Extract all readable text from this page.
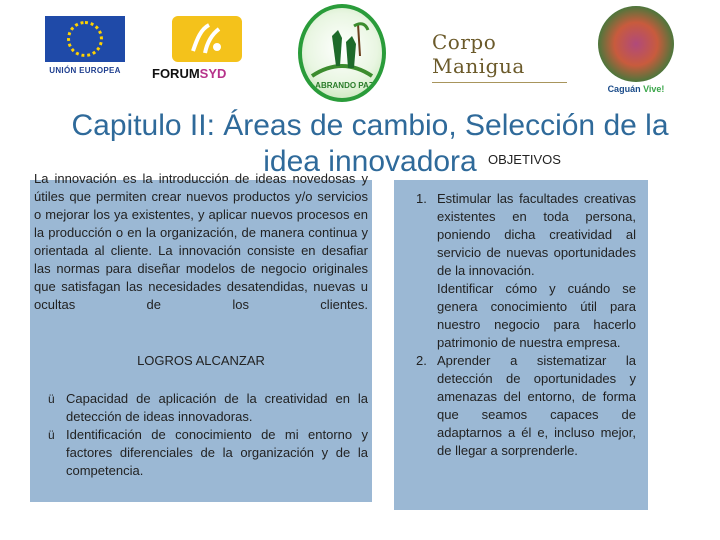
UNIÓN EUROPEA	FORUMSYD
LABRANDO PAZ
Corpo Manigua
Caguán Vive!
Capitulo II: Áreas de cambio, Selección de la idea innovadora

La innovación es la introducción de ideas novedosas y útiles que permiten crear nuevos productos y/o servicios o mejorar los ya existentes, y aplicar nuevos procesos en la producción o en la organización, de manera continua y orientada al cliente. La innovación consiste en desafiar las normas para diseñar modelos de negocio originales que satisfagan las necesidades desatendidas, nuevas u ocultas de los clientes.

OBJETIVOS
LOGROS ALCANZAR
ü Capacidad de aplicación de la creatividad en la detección de ideas innovadoras.
ü Identificación de conocimiento de mi entorno y factores diferenciales de la organización y de la competencia.
1. Estimular las facultades creativas existentes en toda persona, poniendo dicha creatividad al servicio de nuevas oportunidades de la innovación.
Identificar cómo y cuándo se genera conocimiento útil para nuestro negocio para hacerlo patrimonio de nuestra empresa.
2. Aprender a sistematizar la detección de oportunidades y amenazas del entorno, de forma que seamos capaces de adaptarnos a él e, incluso mejor, de llegar a sorprenderle.
